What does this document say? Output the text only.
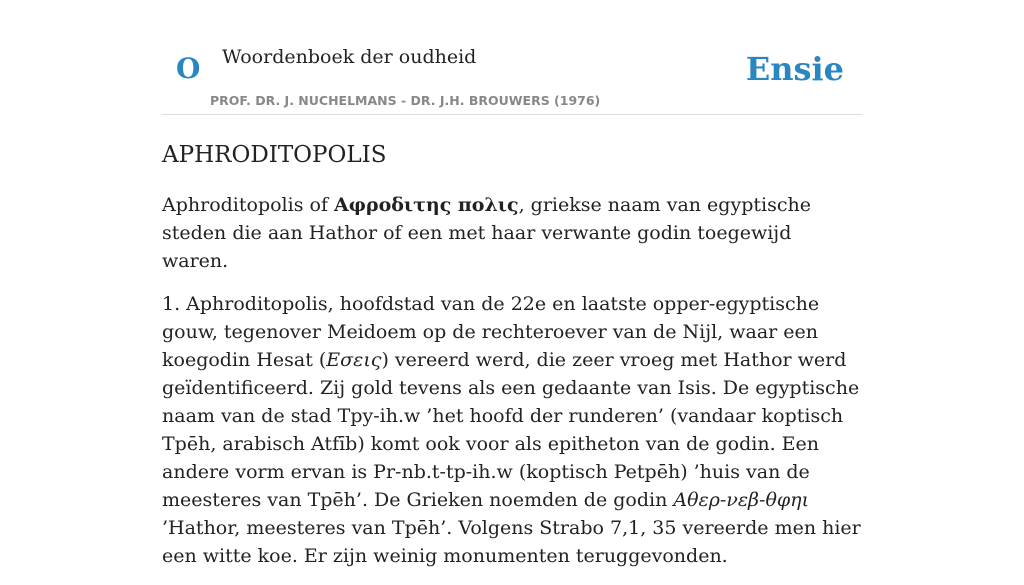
O Woordenboek der oudheid	Ensie
PROF. DR. J. NUCHELMANS - DR. J.H. BROUWERS (1976)
APHRODITOPOLIS

Aphroditopolis of Αφροδιτης πολις, griekse naam van egyptische steden die aan Hathor of een met haar verwante godin toegewijd waren.

1. Aphroditopolis, hoofdstad van de 22e en laatste opper-egyptische gouw, tegenover Meidoem op de rechteroever van de Nijl, waar een koegodin Hesat (Εσεις) vereerd werd, die zeer vroeg met Hathor werd geïdentificeerd. Zij gold tevens als een gedaante van Isis. De egyptische naam van de stad Tpy-ih.w ’het hoofd der runderen’ (vandaar koptisch Tpēh, arabisch Atfīb) komt ook voor als epitheton van de godin. Een andere vorm ervan is Pr-nb.t-tp-ih.w (koptisch Petpēh) ’huis van de meesteres van Tpēh’. De Grieken noemden de godin Αθερ-νεβ-θφηι ’Hathor, meesteres van Tpēh’. Volgens Strabo 7,1, 35 vereerde men hier een witte koe. Er zijn weinig monumenten teruggevonden.
